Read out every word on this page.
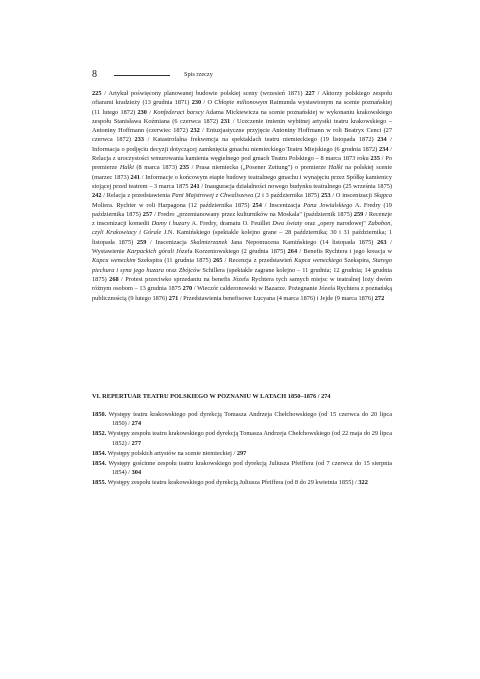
8	Spis rzeczy

225 / Artykuł poświęcony planowanej budowie polskiej sceny (wrzesień 1871) 227 / Aktorzy polskiego zespołu ofiarami kradzieży (13 grudnia 1871) 230 / O Chłopie milionowym Raimunda wystawionym na scenie poznańskiej (11 lutego 1872) 230 / Konfederaci barscy Adama Mickiewicza na scenie poznańskiej w wykonaniu krakowskiego zespołu Stanisława Koźmiana (6 czerwca 1872) 231 / Uczczenie imienin wybitnej artystki teatru krakowskiego – Antoniny Hoffmann (czerwiec 1872) 232 / Entuzjastyczne przyjęcie Antoniny Hoffmann w roli Beatryx Cenci (27 czerwca 1872) 233 / Katastrofalna frekwencja na spektaklach teatru niemieckiego (19 listopada 1872) 234 / Informacja o podjęciu decyzji dotyczącej zamknięcia gmachu niemieckiego Teatru Miejskiego (6 grudnia 1872) 234 / Relacja z uroczystości wmurowania kamienia węgielnego pod gmach Teatru Polskiego – 8 marca 1873 roku 235 / Po premierze Halki (8 marca 1873) 235 / Prasa niemiecka („Posener Zeitung") o premierze Halki na polskiej scenie (marzec 1873) 241 / Informacje o końcowym etapie budowy teatralnego gmachu i wynajęciu przez Spółkę kamienicy stojącej przed teatrem – 3 marca 1875 241 / Inauguracja działalności nowego budynku teatralnego (25 września 1875) 242 / Relacja z przedstawienia Pani Majstrowej z Chwaliszewa (2 i 3 października 1875) 253 / O inscenizacji Skąpca Moliera. Rychter w roli Harpagona (12 października 1875) 254 / Inscenizacja Pana Jowialskiego A. Fredry (19 października 1875) 257 / Fredro „przemianowany przez kulturników na Moskala" (październik 1875) 259 / Recenzje z inscenizacji komedii Damy i huzary A. Fredry, dramatu O. Feuillet Dwa światy oraz „opery narodowej" Zabobon, czyli Krakowiacy i Górale J.N. Kamińskiego (spektakle kolejno grane – 28 października; 30 i 31 października; 1 listopada 1875) 259 / Inscenizacja Skalmierzanek Jana Nepomucena Kamińskiego (14 listopada 1875) 263 / Wystawienie Karpackich górali Józefa Korzeniowskiego (2 grudnia 1875) 264 / Benefis Rychtera i jego kreacja w Kupcu weneckim Szekspira (11 grudnia 1875) 265 / Recenzja z przedstawień Kupca weneckiego Szekspira, Starego piechura i syna jego huzara oraz Zbójców Schillera (spektakle zagrane kolejno – 11 grudnia; 12 grudnia; 14 grudnia 1875) 268 / Protest przeciwko sprzedaniu na benefis Józefa Rychtera tych samych miejsc w teatralnej loży dwóm różnym osobom – 13 grudnia 1875 270 / Wieczór calderonowski w Bazarze. Pożegnanie Józefa Rychtera z poznańską publicznością (9 lutego 1876) 271 / Przedstawienia benefisowe Łucyana (4 marca 1876) i Jejde (9 marca 1876) 272

VI. REPERTUAR TEATRU POLSKIEGO W POZNANIU W LATACH 1850–1876 / 274

1850. Występy teatru krakowskiego pod dyrekcją Tomasza Andrzeja Chełchowskiego (od 15 czerwca do 20 lipca 1850) / 274

1852. Występy zespołu teatru krakowskiego pod dyrekcją Tomasza Andrzeja Chełchowskiego (od 22 maja do 29 lipca 1852) / 277

1854. Występy polskich artystów na scenie niemieckiej / 297

1854. Występy gościnne zespołu teatru krakowskiego pod dyrekcją Juliusza Pfeiffera (od 7 czerwca do 15 sierpnia 1854) / 304

1855. Występy zespołu teatru krakowskiego pod dyrekcją Juliusza Pfeiffera (od 8 do 29 kwietnia 1855) / 322
